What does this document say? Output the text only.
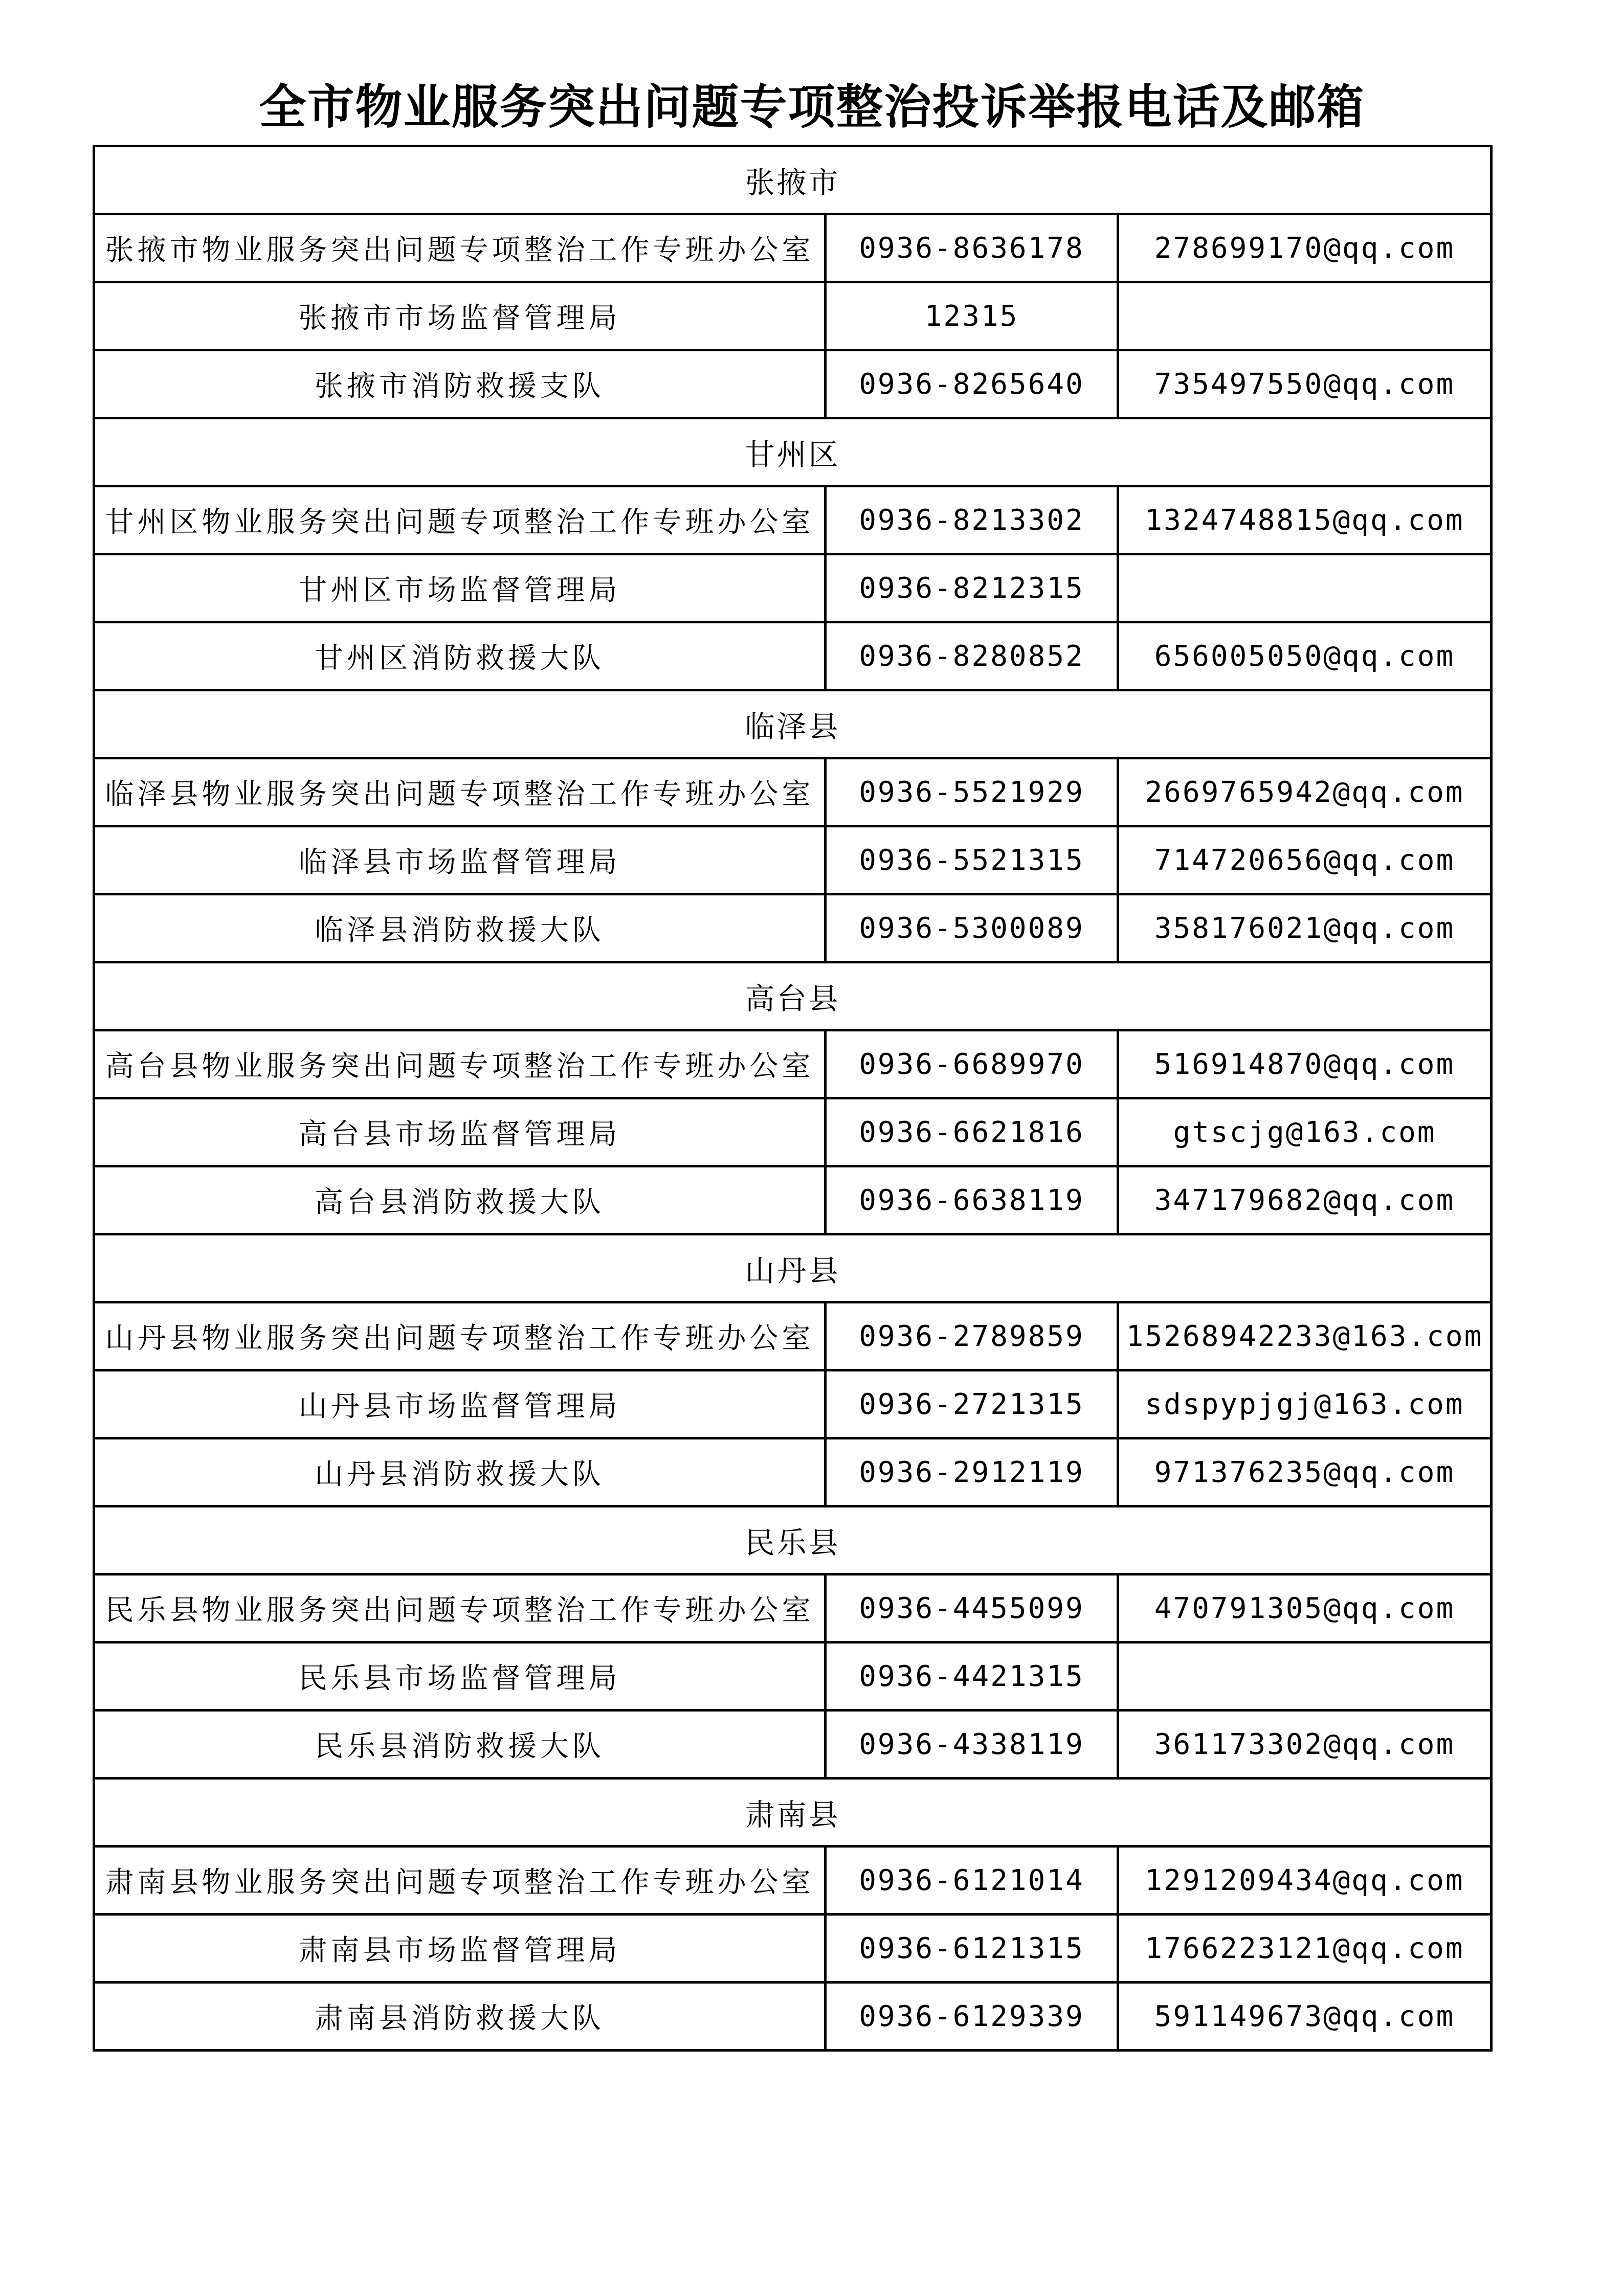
全市物业服务突出问题专项整治投诉举报电话及邮箱
张掖市		
张掖市物业服务突出问题专项整治工作专班办公室	0936-8636178	278699170@qq.com
张掖市市场监督管理局	12315	
张掖市消防救援支队	0936-8265640	735497550@qq.com
甘州区		
甘州区物业服务突出问题专项整治工作专班办公室	0936-8213302	1324748815@qq.com
甘州区市场监督管理局	0936-8212315	
甘州区消防救援大队	0936-8280852	656005050@qq.com
临泽县		
临泽县物业服务突出问题专项整治工作专班办公室	0936-5521929	2669765942@qq.com
临泽县市场监督管理局	0936-5521315	714720656@qq.com
临泽县消防救援大队	0936-5300089	358176021@qq.com
高台县		
高台县物业服务突出问题专项整治工作专班办公室	0936-6689970	516914870@qq.com
高台县市场监督管理局	0936-6621816	gtscjg@163.com
高台县消防救援大队	0936-6638119	347179682@qq.com
山丹县		
山丹县物业服务突出问题专项整治工作专班办公室	0936-2789859	15268942233@163.com
山丹县市场监督管理局	0936-2721315	sdspypjgj@163.com
山丹县消防救援大队	0936-2912119	971376235@qq.com
民乐县		
民乐县物业服务突出问题专项整治工作专班办公室	0936-4455099	470791305@qq.com
民乐县市场监督管理局	0936-4421315	
民乐县消防救援大队	0936-4338119	361173302@qq.com
肃南县		
肃南县物业服务突出问题专项整治工作专班办公室	0936-6121014	1291209434@qq.com
肃南县市场监督管理局	0936-6121315	1766223121@qq.com
肃南县消防救援大队	0936-6129339	591149673@qq.com
